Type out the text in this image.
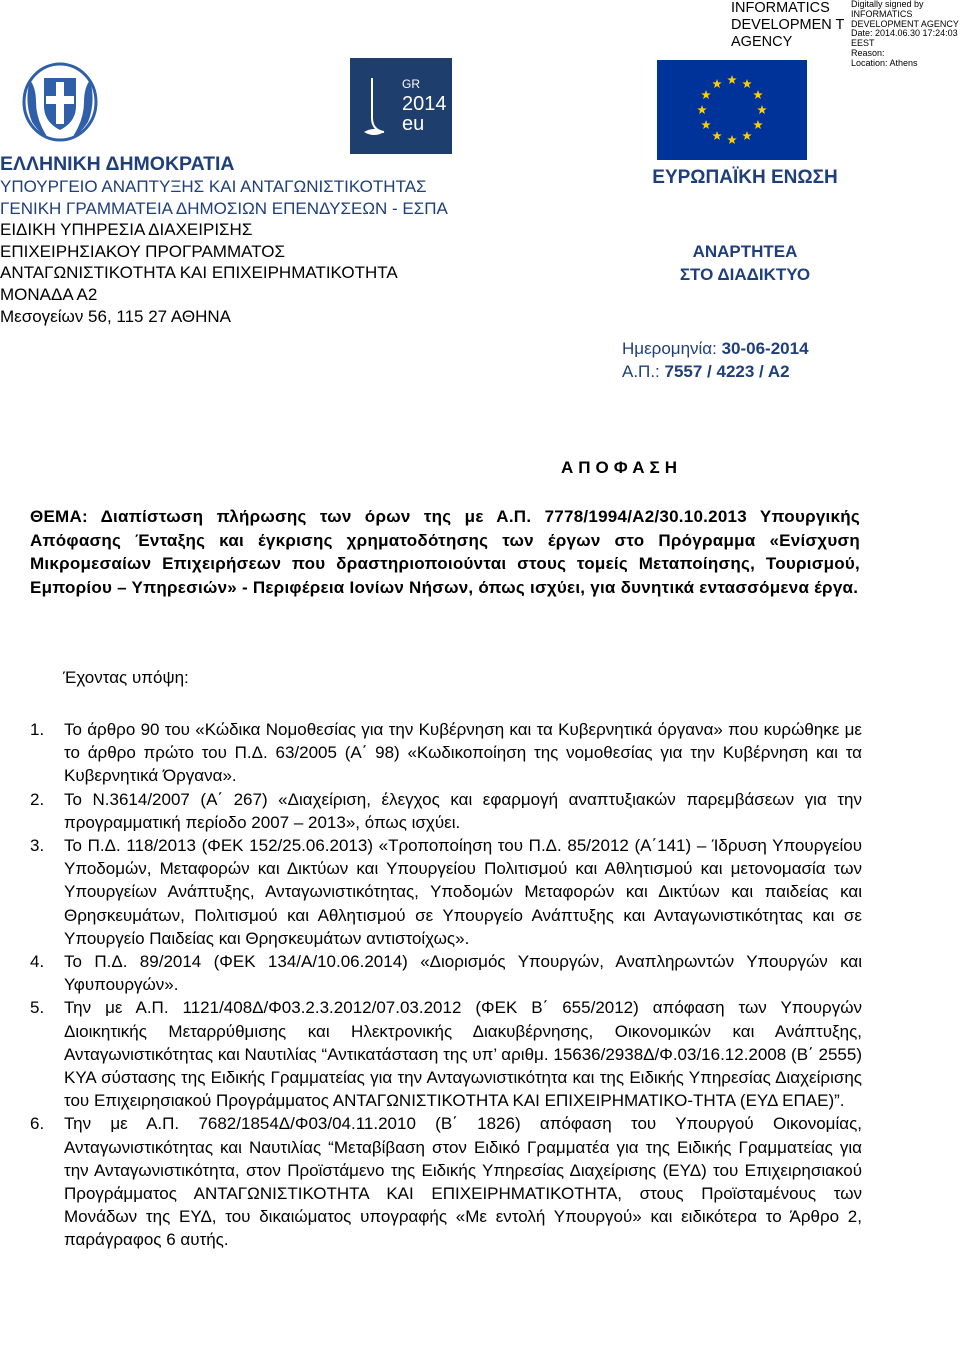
INFORMATICS DEVELOPMEN T AGENCY
Digitally signed by
INFORMATICS
DEVELOPMENT AGENCY
Date: 2014.06.30 17:24:03
EEST
Reason:
Location: Athens
GR
2014
eu
ΕΛΛΗΝΙΚΗ ΔΗΜΟΚΡΑΤΙΑ
ΥΠΟΥΡΓΕΙΟ ΑΝΑΠΤΥΞΗΣ ΚΑΙ ΑΝΤΑΓΩΝΙΣΤΙΚΟΤΗΤΑΣ
ΓΕΝΙΚΗ ΓΡΑΜΜΑΤΕΙΑ ΔΗΜΟΣΙΩΝ ΕΠΕΝΔΥΣΕΩΝ - ΕΣΠΑ
ΕΙΔΙΚΗ ΥΠΗΡΕΣΙΑ ΔΙΑΧΕΙΡΙΣΗΣ
ΕΠΙΧΕΙΡΗΣΙΑΚΟΥ ΠΡΟΓΡΑΜΜΑΤΟΣ
ΑΝΤΑΓΩΝΙΣΤΙΚΟΤΗΤΑ ΚΑΙ ΕΠΙΧΕΙΡΗΜΑΤΙΚΟΤΗΤΑ
ΜΟΝΑΔΑ Α2
Μεσογείων 56, 115 27 ΑΘΗΝΑ
ΕΥΡΩΠΑΪΚΗ ΕΝΩΣΗ
ΑΝΑΡΤΗΤΕΑ
ΣΤΟ ΔΙΑΔΙΚΤΥΟ
Ημερομηνία: 30-06-2014
Α.Π.: 7557 / 4223 / Α2
ΑΠΟΦΑΣΗ
ΘΕΜΑ: Διαπίστωση πλήρωσης των όρων της με Α.Π. 7778/1994/Α2/30.10.2013 Υπουργικής Απόφασης Ένταξης και έγκρισης χρηματοδότησης των έργων στο Πρόγραμμα «Ενίσχυση Μικρομεσαίων Επιχειρήσεων που δραστηριοποιούνται στους τομείς Μεταποίησης, Τουρισμού, Εμπορίου – Υπηρεσιών» - Περιφέρεια Ιονίων Νήσων, όπως ισχύει, για δυνητικά εντασσόμενα έργα.
Έχοντας υπόψη:
1. Το άρθρο 90 του «Κώδικα Νομοθεσίας για την Κυβέρνηση και τα Κυβερνητικά όργανα» που κυρώθηκε με το άρθρο πρώτο του Π.Δ. 63/2005 (Α΄ 98) «Κωδικοποίηση της νομοθεσίας για την Κυβέρνηση και τα Κυβερνητικά Όργανα».
2. Το Ν.3614/2007 (Α΄ 267) «Διαχείριση, έλεγχος και εφαρμογή αναπτυξιακών παρεμβάσεων για την προγραμματική περίοδο 2007 – 2013», όπως ισχύει.
3. Το Π.Δ. 118/2013 (ΦΕΚ 152/25.06.2013) «Τροποποίηση του Π.Δ. 85/2012 (Α΄141) – Ίδρυση Υπουργείου Υποδομών, Μεταφορών και Δικτύων και Υπουργείου Πολιτισμού και Αθλητισμού και μετονομασία των Υπουργείων Ανάπτυξης, Ανταγωνιστικότητας, Υποδομών Μεταφορών και Δικτύων και παιδείας και Θρησκευμάτων, Πολιτισμού και Αθλητισμού σε Υπουργείο Ανάπτυξης και Ανταγωνιστικότητας και σε Υπουργείο Παιδείας και Θρησκευμάτων αντιστοίχως».
4. Το Π.Δ. 89/2014 (ΦΕΚ 134/Α/10.06.2014) «Διορισμός Υπουργών, Αναπληρωντών Υπουργών και Υφυπουργών».
5. Την με Α.Π. 1121/408Δ/Φ03.2.3.2012/07.03.2012 (ΦΕΚ Β΄ 655/2012) απόφαση των Υπουργών Διοικητικής Μεταρρύθμισης και Ηλεκτρονικής Διακυβέρνησης, Οικονομικών και Ανάπτυξης, Ανταγωνιστικότητας και Ναυτιλίας “Αντικατάσταση της υπ’ αριθμ. 15636/2938Δ/Φ.03/16.12.2008 (Β΄ 2555) ΚΥΑ σύστασης της Ειδικής Γραμματείας για την Ανταγωνιστικότητα και της Ειδικής Υπηρεσίας Διαχείρισης του Επιχειρησιακού Προγράμματος ΑΝΤΑΓΩΝΙΣΤΙΚΟΤΗΤΑ ΚΑΙ ΕΠΙΧΕΙΡΗΜΑΤΙΚΟ-ΤΗΤΑ (ΕΥΔ ΕΠΑΕ)”.
6. Την με Α.Π. 7682/1854Δ/Φ03/04.11.2010 (Β΄ 1826) απόφαση του Υπουργού Οικονομίας, Ανταγωνιστικότητας και Ναυτιλίας “Μεταβίβαση στον Ειδικό Γραμματέα για της Ειδικής Γραμματείας για την Ανταγωνιστικότητα, στον Προϊστάμενο της Ειδικής Υπηρεσίας Διαχείρισης (ΕΥΔ) του Επιχειρησιακού Προγράμματος ΑΝΤΑΓΩΝΙΣΤΙΚΟΤΗΤΑ ΚΑΙ ΕΠΙΧΕΙΡΗΜΑΤΙΚΟΤΗΤΑ, στους Προϊσταμένους των Μονάδων της ΕΥΔ, του δικαιώματος υπογραφής «Με εντολή Υπουργού» και ειδικότερα το Άρθρο 2, παράγραφος 6 αυτής.
